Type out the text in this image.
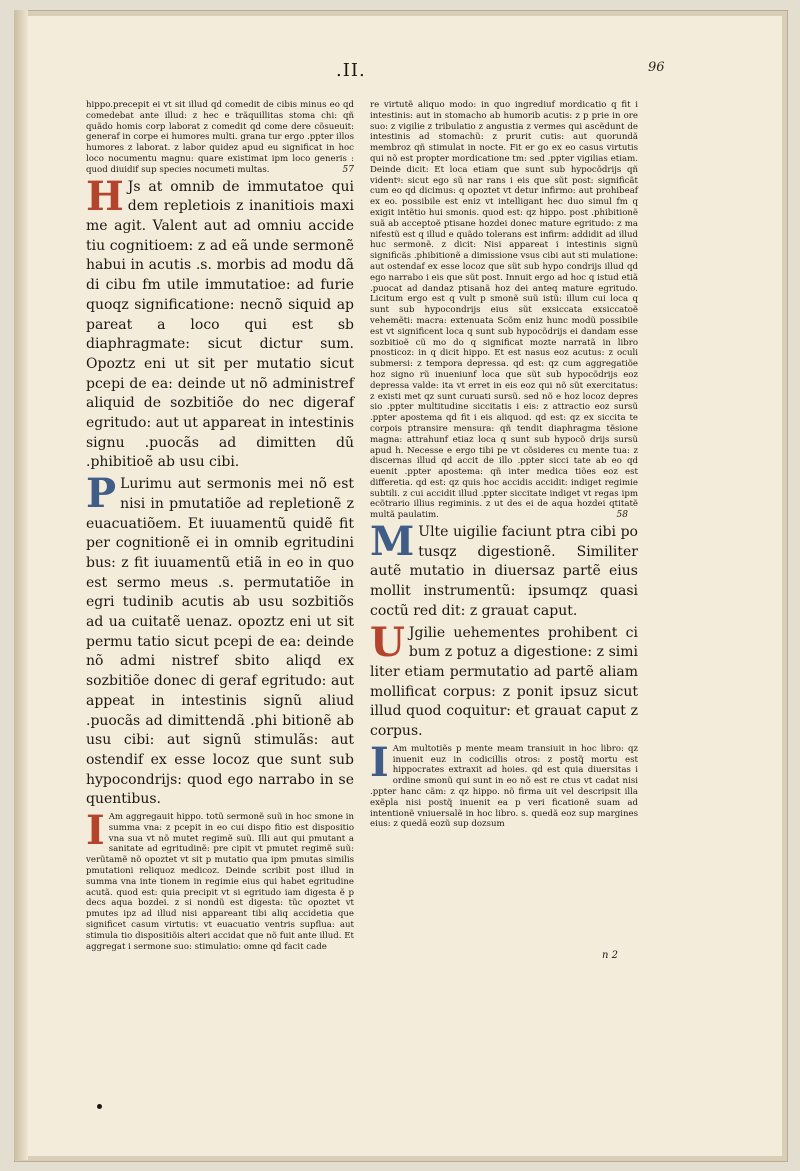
.II.	96

hippo.precepit ei vt sit illud qd comedit de cibis minus eo qd comedebat ante illud: z hec e trãquillitas stoma chi: qñ quãdo homis corp laborat z comedit qd come dere cõsueuit: generaf in corpe ei humores multi. grana tur ergo .ppter illos humores z laborat. z labor quidez apud eu significat in hoc loco nocumentu magnu: quare existimat ipm loco generis : quod diuidif sup species nocumeti multas.	57

H Js at omnib de immutatoe qui dem repletiois z inanitiois maxi me agit. Valent aut ad omniu accide tiu cognitioem: z ad eã unde sermonẽ habui in acutis .s. morbis ad modu dã di cibu fm utile immutatioe: ad furie quoqz significatione: necnõ siquid ap pareat a loco qui est sb diaphragmate: sicut dictur sum. Opoztz eni ut sit per mutatio sicut pcepi de ea: deinde ut nõ administref aliquid de sozbitiõe do nec digeraf egritudo: aut ut appareat in intestinis signu .puocãs ad dimitten dũ .phibitioẽ ab usu cibi.

P Lurimu aut sermonis mei nõ est nisi in pmutatiõe ad repletionẽ z euacuatiõem. Et iuuamentũ quidẽ fit per cognitionẽ ei in omnib egritudini bus: z fit iuuamentũ etiã in eo in quo est sermo meus .s. permutatiõe in egri tudinib acutis ab usu sozbitiõs ad ua cuitatẽ uenaz. opoztz eni ut sit permu tatio sicut pcepi de ea: deinde nõ admi nistref sbito aliqd ex sozbitiõe donec di geraf egritudo: aut appeat in intestinis signũ aliud .puocãs ad dimittendã .phi bitionẽ ab usu cibi: aut signũ stimulãs: aut ostendif ex esse locoz que sunt sub hypocondrijs: quod ego narrabo in se quentibus.

I Am aggregauit hippo. totũ sermonẽ suũ in hoc smone in summa vna: z pcepit in eo cui dispo fitio est dispositio vna sua vt nõ mutet regimẽ suũ. Illi aut qui pmutant a sanitate ad egritudinẽ: pre cipit vt pmutet regimẽ suũ: verũtamẽ nõ opoztet vt sit p mutatio qua ipm pmutas similis pmutationi reliquoz medicoz. Deinde scribit post illud in summa vna inte tionem in regimie eius qui habet egritudine acutã. quod est: quia precipit vt si egritudo iam digesta ẽ p decs aqua bozdei. z si nondũ est digesta: tũc opoztet vt pmutes ipz ad illud nisi appareant tibi aliq accidetia que significet casum virtutis: vt euacuatio ventris supflua: aut stimula tio dispositiõis alteri accidat que nõ fuit ante illud. Et aggregat i sermone suo: stimulatio: omne qd facit cade

re virtutẽ aliquo modo: in quo ingrediuf mordicatio q fit i intestinis: aut in stomacho ab humorib acutis: z p prie in ore suo: z vigilie z tribulatio z angustia z vermes qui ascẽdunt de intestinis ad stomachũ: z prurit cutis: aut quorundã membroz qñ stimulat in nocte. Fit er go ex eo casus virtutis qui nõ est propter mordicatione tm: sed .ppter vigilias etiam. Deinde dicit: Et loca etiam que sunt sub hypocõdrijs qñ videntꝰ: sicut ego sũ nar rans i eis que sũt post: significãt cum eo qd dicimus: q opoztet vt detur infirmo: aut prohibeaf ex eo. possibile est eniz vt intelligant hec duo simul fm q exigit intẽtio hui smonis. quod est: qz hippo. post .phibitionẽ suã ab acceptoẽ ptisane hozdei donec mature egritudo: z ma nifestũ est q illud e quãdo tolerans est infirm: addidit ad illud huc sermonẽ. z dicit: Nisi appareat i intestinis signũ significãs .phibitionẽ a dimissione vsus cibi aut sti mulatione: aut ostendaf ex esse locoz que sũt sub hypo condrijs illud qd ego narrabo i eis que sũt post. Innuit ergo ad hoc q istud etiã .puocat ad dandaz ptisanã hoz dei anteq mature egritudo. Licitum ergo est q vult p smonẽ suũ istũ: illum cui loca q sunt sub hypocondrijs eius sũt exsiccata exsiccatoẽ vehemẽti: macra: extenuata Scõm eniz hunc modũ possibile est vt significent loca q sunt sub hypocõdrijs ei dandam esse sozbitioẽ cũ mo do q significat mozte narratã in libro pnosticoz: in q dicit hippo. Et est nasus eoz acutus: z oculi submersi: z tempora depressa. qd est: qz cum aggregatiõe hoz signo rũ inueniunf loca que sũt sub hypocõdrijs eoz depressa valde: ita vt erret in eis eoz qui nõ sũt exercitatus: z existi met qz sunt curuati sursũ. sed nõ e hoz locoz depres sio .ppter multitudine siccitatis i eis: z attractio eoz sursũ .ppter apostema qd fit i eis aliquod. qd est: qz ex siccita te corpois ptransire mensura: qñ tendit diaphragma tẽsione magna: attrahunf etiaz loca q sunt sub hypocõ drijs sursũ apud h. Necesse e ergo tibi pe vt cõsideres cu mente tua: z discernas illud qd accit de illo .ppter sicci tate ab eo qd euenit .ppter apostema: qñ inter medica tiões eoz est differetia. qd est: qz quis hoc accidis accidit: indiget regimie subtili. z cui accidit illud .ppter siccitate indiget vt regas ipm ecõtrario illius regiminis. z ut des ei de aqua hozdei qtitatẽ multã paulatim.	58

M Ulte uigilie faciunt ptra cibi po tusqz digestionẽ. Similiter autẽ mutatio in diuersaz partẽ eius mollit instrumentũ: ipsumqz quasi coctũ red dit: z grauat caput.

U Jgilie uehementes prohibent ci bum z potuz a digestione: z simi liter etiam permutatio ad partẽ aliam mollificat corpus: z ponit ipsuz sicut illud quod coquitur: et grauat caput z corpus.

I Am multotiẽs p mente meam transiuit in hoc libro: qz inuenit euz in codicillis otros: z postq̃ mortu est hippocrates extraxit ad hoies. qd est quia diuersitas i ordine smonũ qui sunt in eo nõ est re ctus vt cadat nisi .ppter hanc cãm: z qz hippo. nõ firma uit vel descripsit illa exẽpla nisi postq̃ inuenit ea p veri ficationẽ suam ad intentionẽ vniuersalẽ in hoc libro. s. quedã eoz sup margines eius: z quedã eozũ sup dozsum

n 2
